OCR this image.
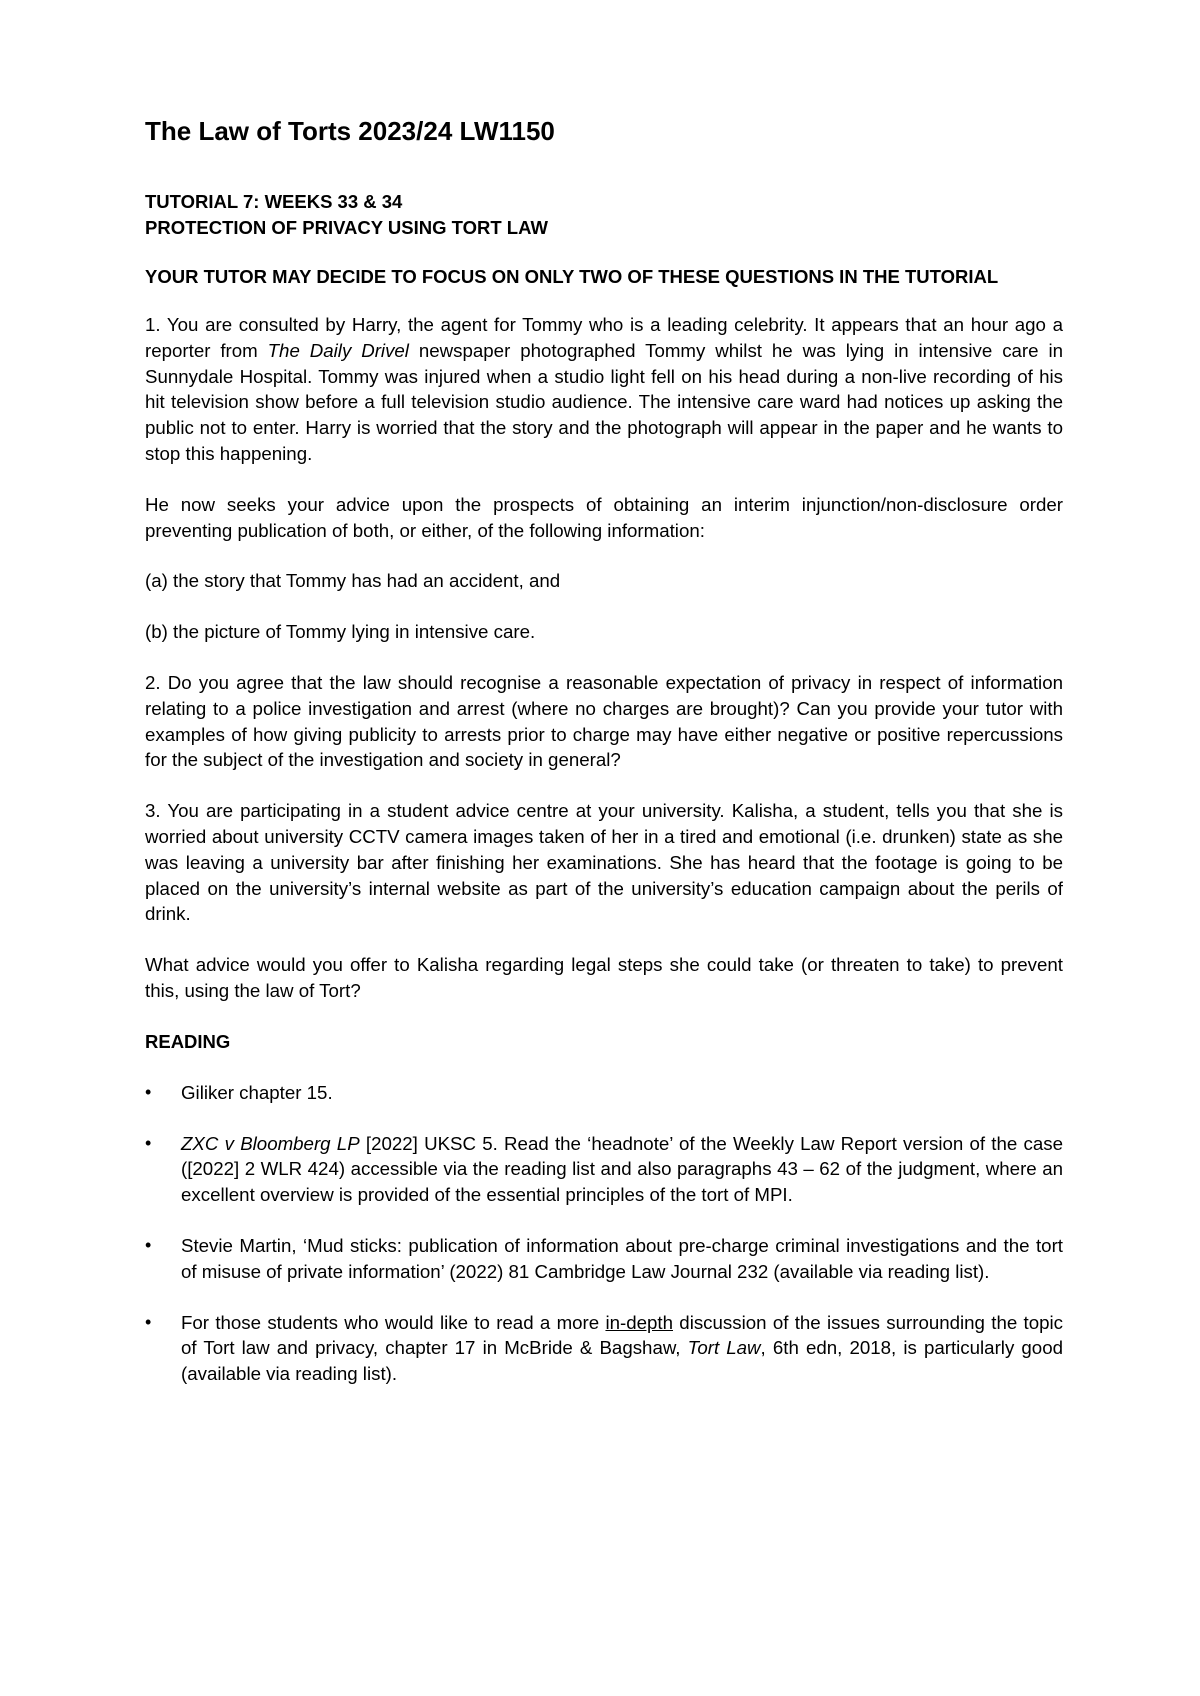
The Law of Torts 2023/24 LW1150
TUTORIAL 7: WEEKS 33 & 34
PROTECTION OF PRIVACY USING TORT LAW
YOUR TUTOR MAY DECIDE TO FOCUS ON ONLY TWO OF THESE QUESTIONS IN THE TUTORIAL

1. You are consulted by Harry, the agent for Tommy who is a leading celebrity. It appears that an hour ago a reporter from The Daily Drivel newspaper photographed Tommy whilst he was lying in intensive care in Sunnydale Hospital. Tommy was injured when a studio light fell on his head during a non-live recording of his hit television show before a full television studio audience. The intensive care ward had notices up asking the public not to enter. Harry is worried that the story and the photograph will appear in the paper and he wants to stop this happening.

He now seeks your advice upon the prospects of obtaining an interim injunction/non-disclosure order preventing publication of both, or either, of the following information:

(a) the story that Tommy has had an accident, and

(b) the picture of Tommy lying in intensive care.

2. Do you agree that the law should recognise a reasonable expectation of privacy in respect of information relating to a police investigation and arrest (where no charges are brought)? Can you provide your tutor with examples of how giving publicity to arrests prior to charge may have either negative or positive repercussions for the subject of the investigation and society in general?

3. You are participating in a student advice centre at your university. Kalisha, a student, tells you that she is worried about university CCTV camera images taken of her in a tired and emotional (i.e. drunken) state as she was leaving a university bar after finishing her examinations. She has heard that the footage is going to be placed on the university’s internal website as part of the university’s education campaign about the perils of drink.

What advice would you offer to Kalisha regarding legal steps she could take (or threaten to take) to prevent this, using the law of Tort?

READING
•	Giliker chapter 15.
•	ZXC v Bloomberg LP [2022] UKSC 5. Read the ‘headnote’ of the Weekly Law Report version of the case ([2022] 2 WLR 424) accessible via the reading list and also paragraphs 43 – 62 of the judgment, where an excellent overview is provided of the essential principles of the tort of MPI.
•	Stevie Martin, ‘Mud sticks: publication of information about pre-charge criminal investigations and the tort of misuse of private information’ (2022) 81 Cambridge Law Journal 232 (available via reading list).
•	For those students who would like to read a more in-depth discussion of the issues surrounding the topic of Tort law and privacy, chapter 17 in McBride & Bagshaw, Tort Law, 6th edn, 2018, is particularly good (available via reading list).
